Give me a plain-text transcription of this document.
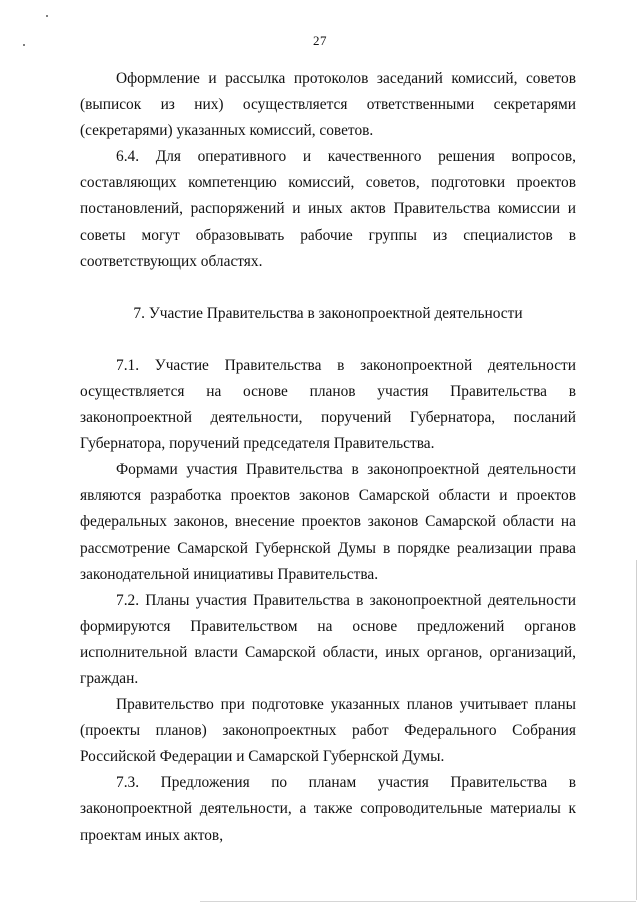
27

Оформление и рассылка протоколов заседаний комиссий, советов (выписок из них) осуществляется ответственными секретарями (секретарями) указанных комиссий, советов.

6.4. Для оперативного и качественного решения вопросов, составляющих компетенцию комиссий, советов, подготовки проектов постановлений, распоряжений и иных актов Правительства комиссии и советы могут образовывать рабочие группы из специалистов в соответствующих областях.

7. Участие Правительства в законопроектной деятельности

7.1. Участие Правительства в законопроектной деятельности осуществляется на основе планов участия Правительства в законопроектной деятельности, поручений Губернатора, посланий Губернатора, поручений председателя Правительства.

Формами участия Правительства в законопроектной деятельности являются разработка проектов законов Самарской области и проектов федеральных законов, внесение проектов законов Самарской области на рассмотрение Самарской Губернской Думы в порядке реализации права законодательной инициативы Правительства.

7.2. Планы участия Правительства в законопроектной деятельности формируются Правительством на основе предложений органов исполнительной власти Самарской области, иных органов, организаций, граждан.

Правительство при подготовке указанных планов учитывает планы (проекты планов) законопроектных работ Федерального Собрания Российской Федерации и Самарской Губернской Думы.

7.3. Предложения по планам участия Правительства в законопроектной деятельности, а также сопроводительные материалы к проектам иных актов,
